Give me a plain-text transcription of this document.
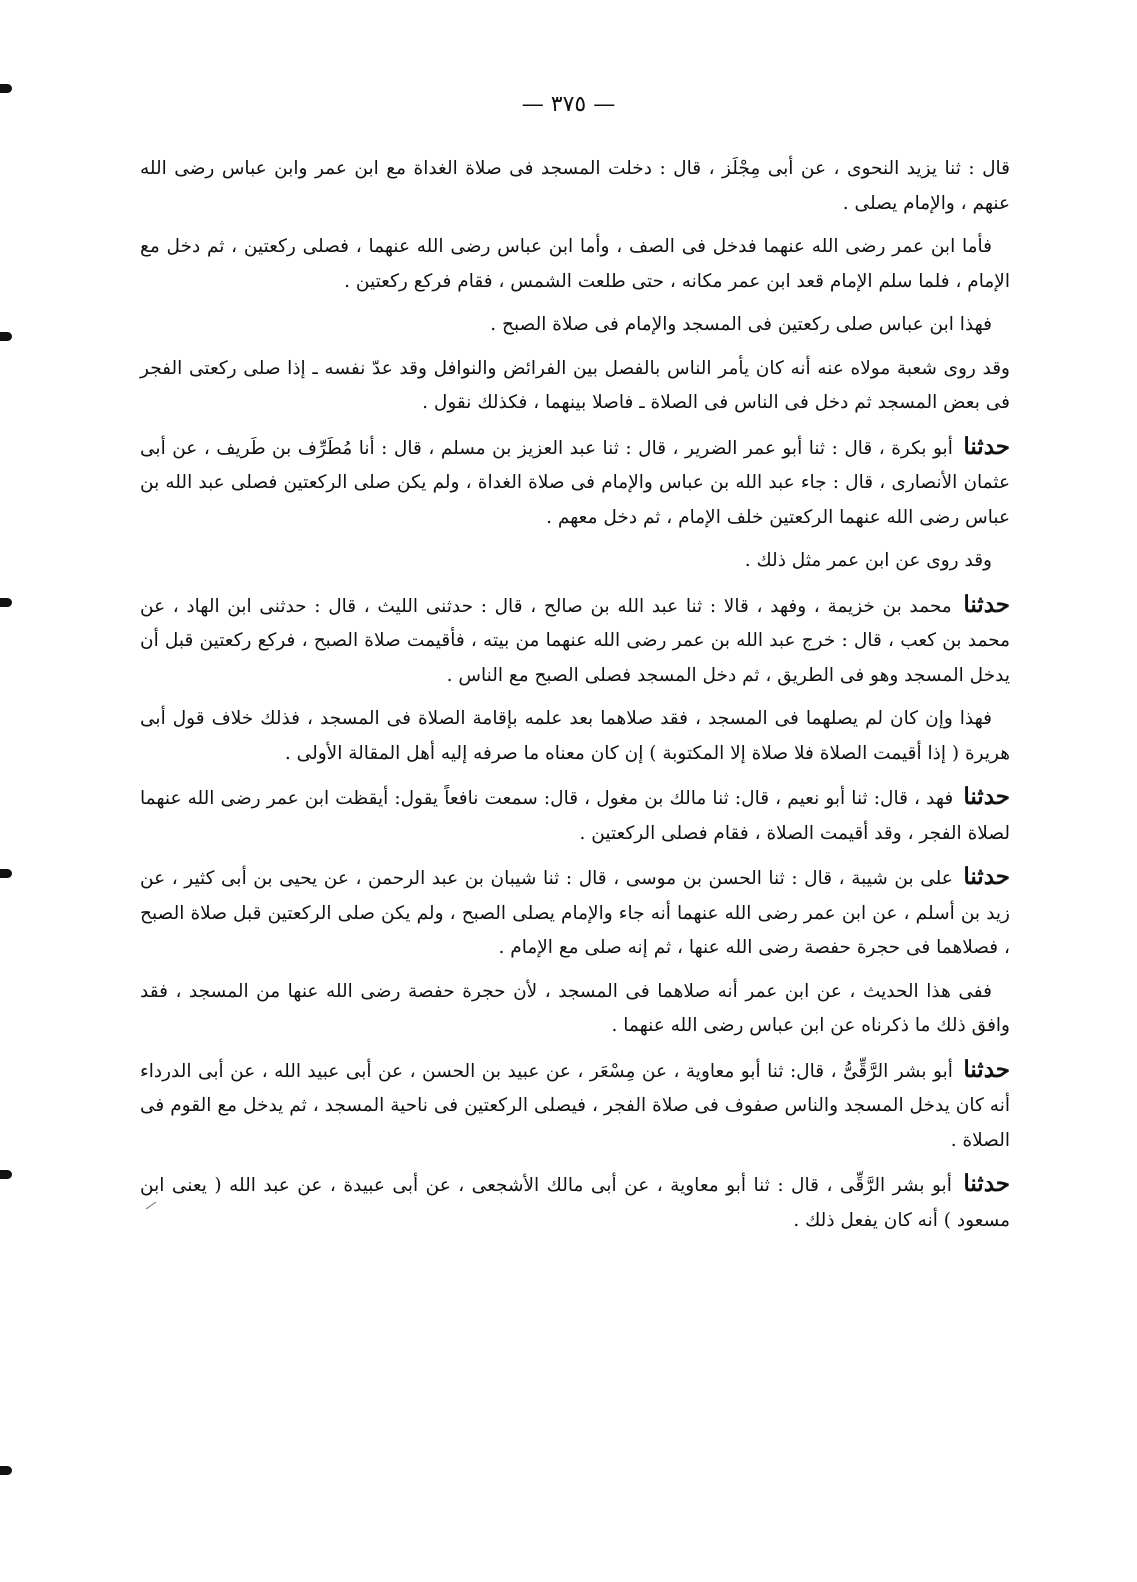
— ٣٧٥ —

قال : ثنا يزيد النحوى ، عن أبى مِجْلَز ، قال : دخلت المسجد فى صلاة الغداة مع ابن عمر وابن عباس رضى الله عنهم ، والإمام يصلى .

فأما ابن عمر رضى الله عنهما فدخل فى الصف ، وأما ابن عباس رضى الله عنهما ، فصلى ركعتين ، ثم دخل مع الإمام ، فلما سلم الإمام قعد ابن عمر مكانه ، حتى طلعت الشمس ، فقام فركع ركعتين .

فهذا ابن عباس صلى ركعتين فى المسجد والإمام فى صلاة الصبح .

وقد روى شعبة مولاه عنه أنه كان يأمر الناس بالفصل بين الفرائض والنوافل وقد عدّ نفسه ـ إذا صلى ركعتى الفجر فى بعض المسجد ثم دخل فى الناس فى الصلاة ـ فاصلا بينهما ، فكذلك نقول .

حدثنا أبو بكرة ، قال : ثنا أبو عمر الضرير ، قال : ثنا عبد العزيز بن مسلم ، قال : أنا مُطَرِّف بن طَريف ، عن أبى عثمان الأنصارى ، قال : جاء عبد الله بن عباس والإمام فى صلاة الغداة ، ولم يكن صلى الركعتين فصلى عبد الله بن عباس رضى الله عنهما الركعتين خلف الإمام ، ثم دخل معهم .

وقد روى عن ابن عمر مثل ذلك .

حدثنا محمد بن خزيمة ، وفهد ، قالا : ثنا عبد الله بن صالح ، قال : حدثنى الليث ، قال : حدثنى ابن الهاد ، عن محمد بن كعب ، قال : خرج عبد الله بن عمر رضى الله عنهما من بيته ، فأقيمت صلاة الصبح ، فركع ركعتين قبل أن يدخل المسجد وهو فى الطريق ، ثم دخل المسجد فصلى الصبح مع الناس .

فهذا وإن كان لم يصلهما فى المسجد ، فقد صلاهما بعد علمه بإقامة الصلاة فى المسجد ، فذلك خلاف قول أبى هريرة ( إذا أقيمت الصلاة فلا صلاة إلا المكتوبة ) إن كان معناه ما صرفه إليه أهل المقالة الأولى .

حدثنا فهد ، قال: ثنا أبو نعيم ، قال: ثنا مالك بن مغول ، قال: سمعت نافعاً يقول: أيقظت ابن عمر رضى الله عنهما لصلاة الفجر ، وقد أقيمت الصلاة ، فقام فصلى الركعتين .

حدثنا على بن شيبة ، قال : ثنا الحسن بن موسى ، قال : ثنا شيبان بن عبد الرحمن ، عن يحيى بن أبى كثير ، عن زيد بن أسلم ، عن ابن عمر رضى الله عنهما أنه جاء والإمام يصلى الصبح ، ولم يكن صلى الركعتين قبل صلاة الصبح ، فصلاهما فى حجرة حفصة رضى الله عنها ، ثم إنه صلى مع الإمام .

ففى هذا الحديث ، عن ابن عمر أنه صلاهما فى المسجد ، لأن حجرة حفصة رضى الله عنها من المسجد ، فقد وافق ذلك ما ذكرناه عن ابن عباس رضى الله عنهما .

حدثنا أبو بشر الرَّقِّىُّ ، قال: ثنا أبو معاوية ، عن مِسْعَر ، عن عبيد بن الحسن ، عن أبى عبيد الله ، عن أبى الدرداء أنه كان يدخل المسجد والناس صفوف فى صلاة الفجر ، فيصلى الركعتين فى ناحية المسجد ، ثم يدخل مع القوم فى الصلاة .

حدثنا أبو بشر الرَّقِّى ، قال : ثنا أبو معاوية ، عن أبى مالك الأشجعى ، عن أبى عبيدة ، عن عبد الله ( يعنى ابن مسعود ) أنه كان يفعل ذلك .
